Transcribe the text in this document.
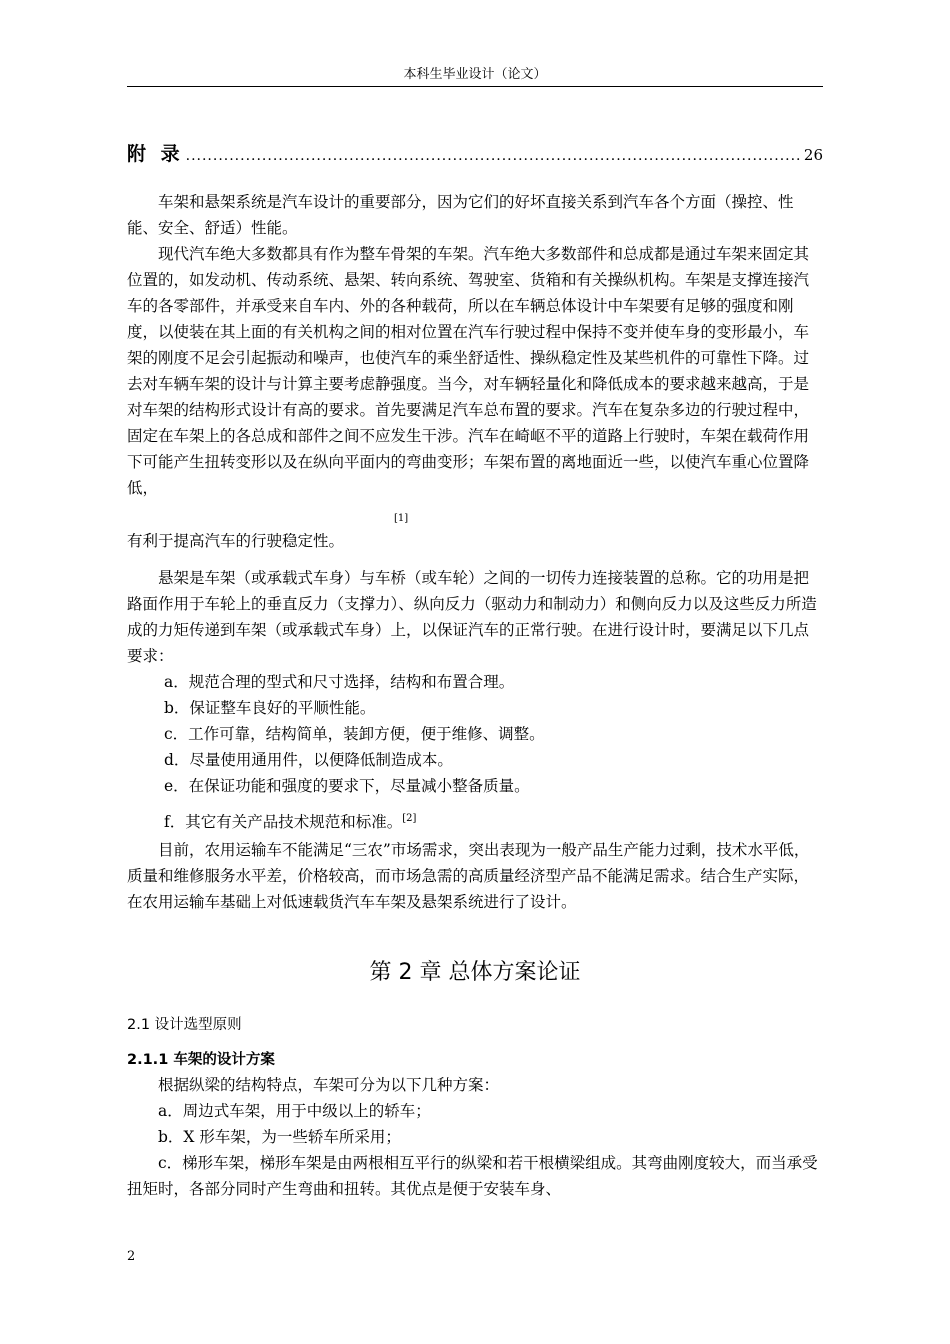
本科生毕业设计（论文）
附 录
.....	26

车架和悬架系统是汽车设计的重要部分，因为它们的好坏直接关系到汽车各个方面（操控、性能、安全、舒适）性能。

现代汽车绝大多数都具有作为整车骨架的车架。汽车绝大多数部件和总成都是通过车架来固定其位置的，如发动机、传动系统、悬架、转向系统、驾驶室、货箱和有关操纵机构。车架是支撑连接汽车的各零部件，并承受来自车内、外的各种载荷，所以在车辆总体设计中车架要有足够的强度和刚度，以使装在其上面的有关机构之间的相对位置在汽车行驶过程中保持不变并使车身的变形最小，车架的刚度不足会引起振动和噪声，也使汽车的乘坐舒适性、操纵稳定性及某些机件的可靠性下降。过去对车辆车架的设计与计算主要考虑静强度。当今，对车辆轻量化和降低成本的要求越来越高，于是对车架的结构形式设计有高的要求。首先要满足汽车总布置的要求。汽车在复杂多边的行驶过程中，固定在车架上的各总成和部件之间不应发生干涉。汽车在崎岖不平的道路上行驶时，车架在载荷作用下可能产生扭转变形以及在纵向平面内的弯曲变形；车架布置的离地面近一些，以使汽车重心位置降低，

[1]

有利于提高汽车的行驶稳定性。

悬架是车架（或承载式车身）与车桥（或车轮）之间的一切传力连接装置的总称。它的功用是把路面作用于车轮上的垂直反力（支撑力）、纵向反力（驱动力和制动力）和侧向反力以及这些反力所造成的力矩传递到车架（或承载式车身）上，以保证汽车的正常行驶。在进行设计时，要满足以下几点要求：

a．规范合理的型式和尺寸选择，结构和布置合理。
b．保证整车良好的平顺性能。
c．工作可靠，结构简单，装卸方便，便于维修、调整。
d．尽量使用通用件，以便降低制造成本。
e．在保证功能和强度的要求下，尽量减小整备质量。
f．其它有关产品技术规范和标准。[2]

目前，农用运输车不能满足“三农”市场需求，突出表现为一般产品生产能力过剩，技术水平低，质量和维修服务水平差，价格较高，而市场急需的高质量经济型产品不能满足需求。结合生产实际，在农用运输车基础上对低速载货汽车车架及悬架系统进行了设计。

第 2 章 总体方案论证
2.1 设计选型原则
2.1.1 车架的设计方案

根据纵梁的结构特点，车架可分为以下几种方案：

a．周边式车架，用于中级以上的轿车；

b．X 形车架，为一些轿车所采用；

c．梯形车架，梯形车架是由两根相互平行的纵梁和若干根横梁组成。其弯曲刚度较大，而当承受扭矩时，各部分同时产生弯曲和扭转。其优点是便于安装车身、

2
